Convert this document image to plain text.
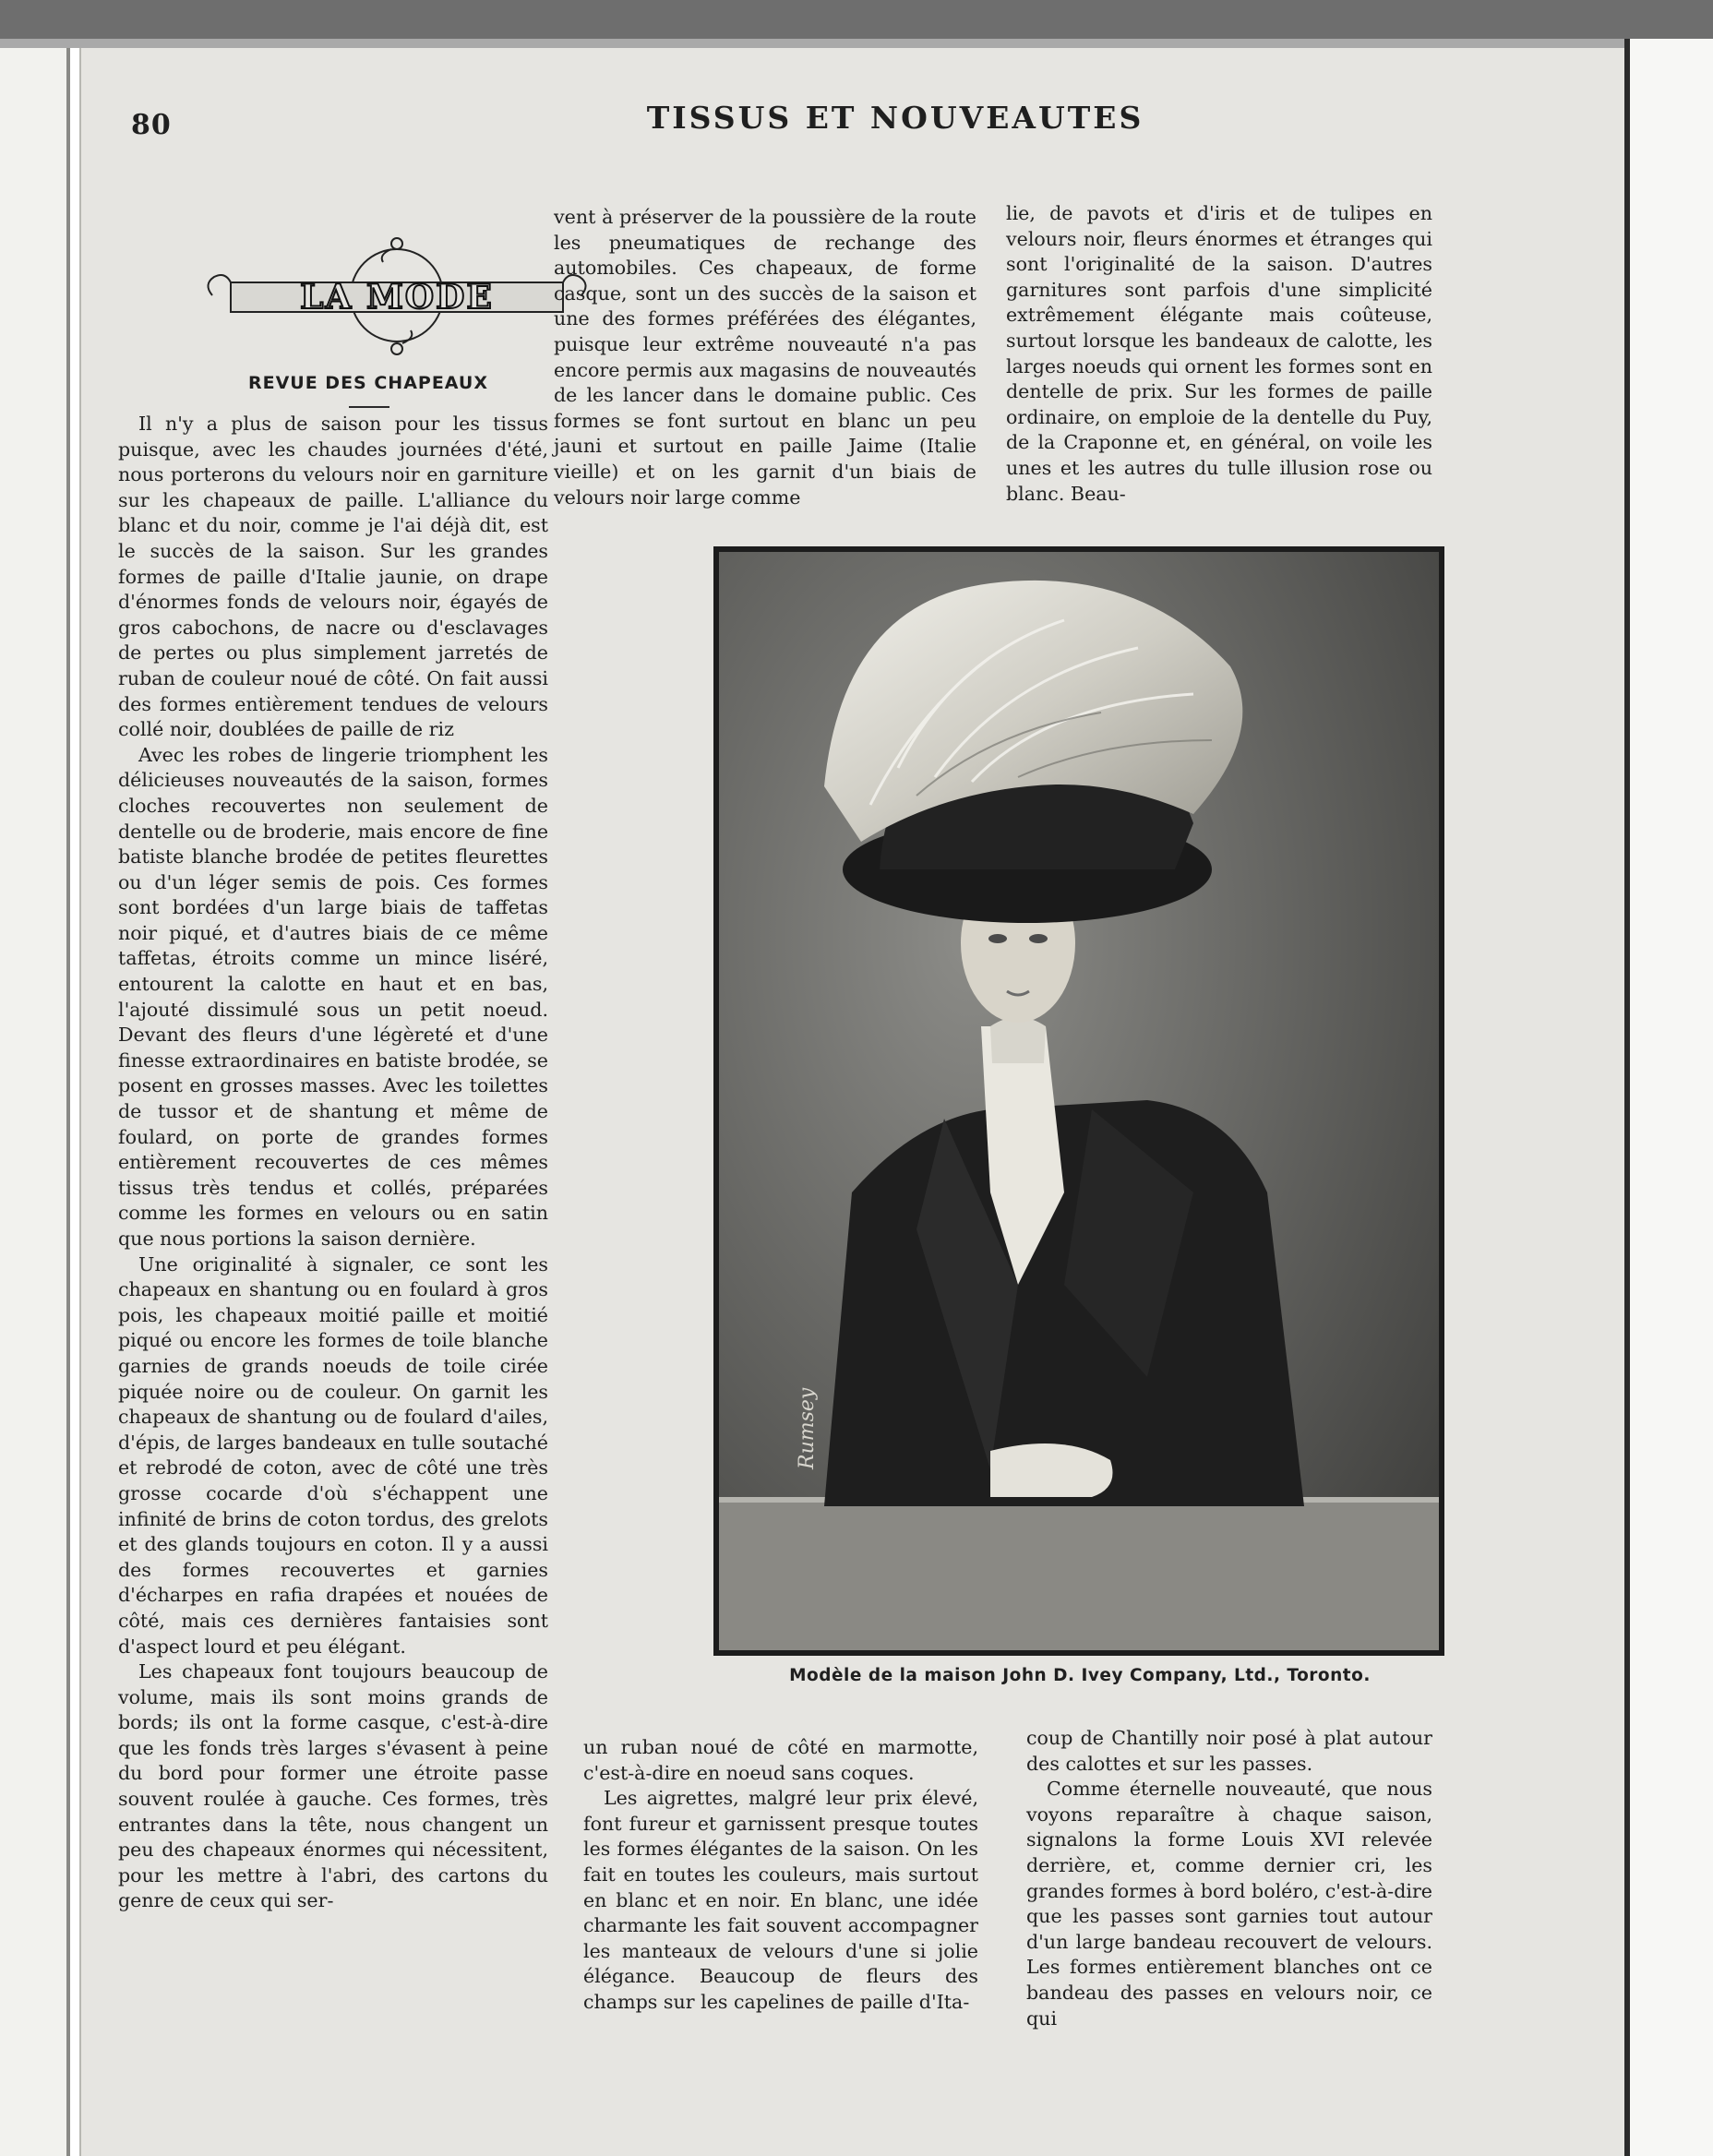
80	TISSUS ET NOUVEAUTES
LA MODE
REVUE DES CHAPEAUX

Il n'y a plus de saison pour les tissus puisque, avec les chaudes journées d'été, nous porterons du velours noir en garniture sur les chapeaux de paille. L'alliance du blanc et du noir, comme je l'ai déjà dit, est le succès de la saison. Sur les grandes formes de paille d'Italie jaunie, on drape d'énormes fonds de velours noir, égayés de gros cabochons, de nacre ou d'esclavages de pertes ou plus simplement jarretés de ruban de couleur noué de côté. On fait aussi des formes entièrement tendues de velours collé noir, doublées de paille de riz

Avec les robes de lingerie triomphent les délicieuses nouveautés de la saison, formes cloches recouvertes non seulement de dentelle ou de broderie, mais encore de fine batiste blanche brodée de petites fleurettes ou d'un léger semis de pois. Ces formes sont bordées d'un large biais de taffetas noir piqué, et d'autres biais de ce même taffetas, étroits comme un mince liséré, entourent la calotte en haut et en bas, l'ajouté dissimulé sous un petit noeud. Devant des fleurs d'une légèreté et d'une finesse extraordinaires en batiste brodée, se posent en grosses masses. Avec les toilettes de tussor et de shantung et même de foulard, on porte de grandes formes entièrement recouvertes de ces mêmes tissus très tendus et collés, préparées comme les formes en velours ou en satin que nous portions la saison dernière.

Une originalité à signaler, ce sont les chapeaux en shantung ou en foulard à gros pois, les chapeaux moitié paille et moitié piqué ou encore les formes de toile blanche garnies de grands noeuds de toile cirée piquée noire ou de couleur. On garnit les chapeaux de shantung ou de foulard d'ailes, d'épis, de larges bandeaux en tulle soutaché et rebrodé de coton, avec de côté une très grosse cocarde d'où s'échappent une infinité de brins de coton tordus, des grelots et des glands toujours en coton. Il y a aussi des formes recouvertes et garnies d'écharpes en rafia drapées et nouées de côté, mais ces dernières fantaisies sont d'aspect lourd et peu élégant.

Les chapeaux font toujours beaucoup de volume, mais ils sont moins grands de bords; ils ont la forme casque, c'est-à-dire que les fonds très larges s'évasent à peine du bord pour former une étroite passe souvent roulée à gauche. Ces formes, très entrantes dans la tête, nous changent un peu des chapeaux énormes qui nécessitent, pour les mettre à l'abri, des cartons du genre de ceux qui ser-

vent à préserver de la poussière de la route les pneumatiques de rechange des automobiles. Ces chapeaux, de forme casque, sont un des succès de la saison et une des formes préférées des élégantes, puisque leur extrême nouveauté n'a pas encore permis aux magasins de nouveautés de les lancer dans le domaine public. Ces formes se font surtout en blanc un peu jauni et surtout en paille Jaime (Italie vieille) et on les garnit d'un biais de velours noir large comme

lie, de pavots et d'iris et de tulipes en velours noir, fleurs énormes et étranges qui sont l'originalité de la saison. D'autres garnitures sont parfois d'une simplicité extrêmement élégante mais coûteuse, surtout lorsque les bandeaux de calotte, les larges noeuds qui ornent les formes sont en dentelle de prix. Sur les formes de paille ordinaire, on emploie de la dentelle du Puy, de la Craponne et, en général, on voile les unes et les autres du tulle illusion rose ou blanc. Beau-

Rumsey
Modèle de la maison John D. Ivey Company, Ltd., Toronto.

un ruban noué de côté en marmotte, c'est-à-dire en noeud sans coques.

Les aigrettes, malgré leur prix élevé, font fureur et garnissent presque toutes les formes élégantes de la saison. On les fait en toutes les couleurs, mais surtout en blanc et en noir. En blanc, une idée charmante les fait souvent accompagner les manteaux de velours d'une si jolie élégance. Beaucoup de fleurs des champs sur les capelines de paille d'Ita-

coup de Chantilly noir posé à plat autour des calottes et sur les passes.

Comme éternelle nouveauté, que nous voyons reparaître à chaque saison, signalons la forme Louis XVI relevée derrière, et, comme dernier cri, les grandes formes à bord boléro, c'est-à-dire que les passes sont garnies tout autour d'un large bandeau recouvert de velours. Les formes entièrement blanches ont ce bandeau des passes en velours noir, ce qui
